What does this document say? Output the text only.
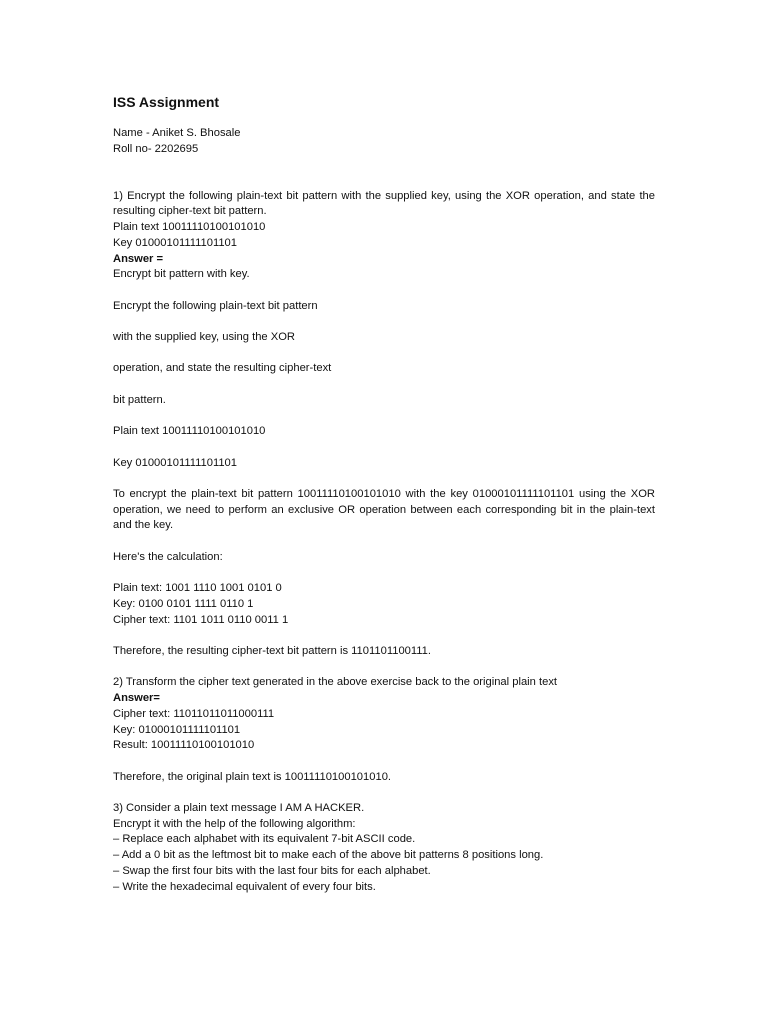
ISS Assignment

Name - Aniket S. Bhosale

Roll no- 2202695

1) Encrypt the following plain-text bit pattern with the supplied key, using the XOR operation, and state the resulting cipher-text bit pattern.

Plain text 10011110100101010

Key 01000101111101101

Answer =

Encrypt bit pattern with key.

Encrypt the following plain-text bit pattern

with the supplied key, using the XOR

operation, and state the resulting cipher-text

bit pattern.

Plain text 10011110100101010

Key 01000101111101101

To encrypt the plain-text bit pattern 10011110100101010 with the key 01000101111101101 using the XOR operation, we need to perform an exclusive OR operation between each corresponding bit in the plain-text and the key.

Here's the calculation:

Plain text: 1001 1110 1001 0101 0

Key: 0100 0101 1111 0110 1

Cipher text: 1101 1011 0110 0011 1

Therefore, the resulting cipher-text bit pattern is 1101101100111.

2) Transform the cipher text generated in the above exercise back to the original plain text

Answer=

Cipher text: 11011011011000111

Key: 01000101111101101

Result: 10011110100101010

Therefore, the original plain text is 10011110100101010.

3) Consider a plain text message I AM A HACKER.

Encrypt it with the help of the following algorithm:

– Replace each alphabet with its equivalent 7-bit ASCII code.

– Add a 0 bit as the leftmost bit to make each of the above bit patterns 8 positions long.

– Swap the first four bits with the last four bits for each alphabet.

– Write the hexadecimal equivalent of every four bits.
